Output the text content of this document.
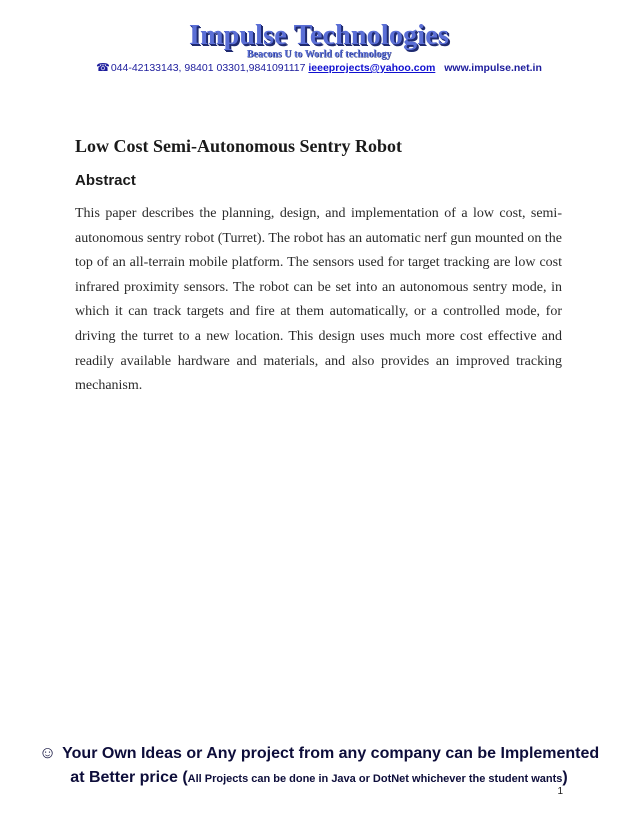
Impulse Technologies
Beacons U to World of technology
☎044-42133143, 98401 03301,9841091117 ieeeprojects@yahoo.com www.impulse.net.in
Low Cost Semi-Autonomous Sentry Robot
Abstract

This paper describes the planning, design, and implementation of a low cost, semi-autonomous sentry robot (Turret). The robot has an automatic nerf gun mounted on the top of an all-terrain mobile platform. The sensors used for target tracking are low cost infrared proximity sensors. The robot can be set into an autonomous sentry mode, in which it can track targets and fire at them automatically, or a controlled mode, for driving the turret to a new location. This design uses much more cost effective and readily available hardware and materials, and also provides an improved tracking mechanism.

☺ Your Own Ideas or Any project from any company can be Implemented
at Better price (All Projects can be done in Java or DotNet whichever the student wants)
1
